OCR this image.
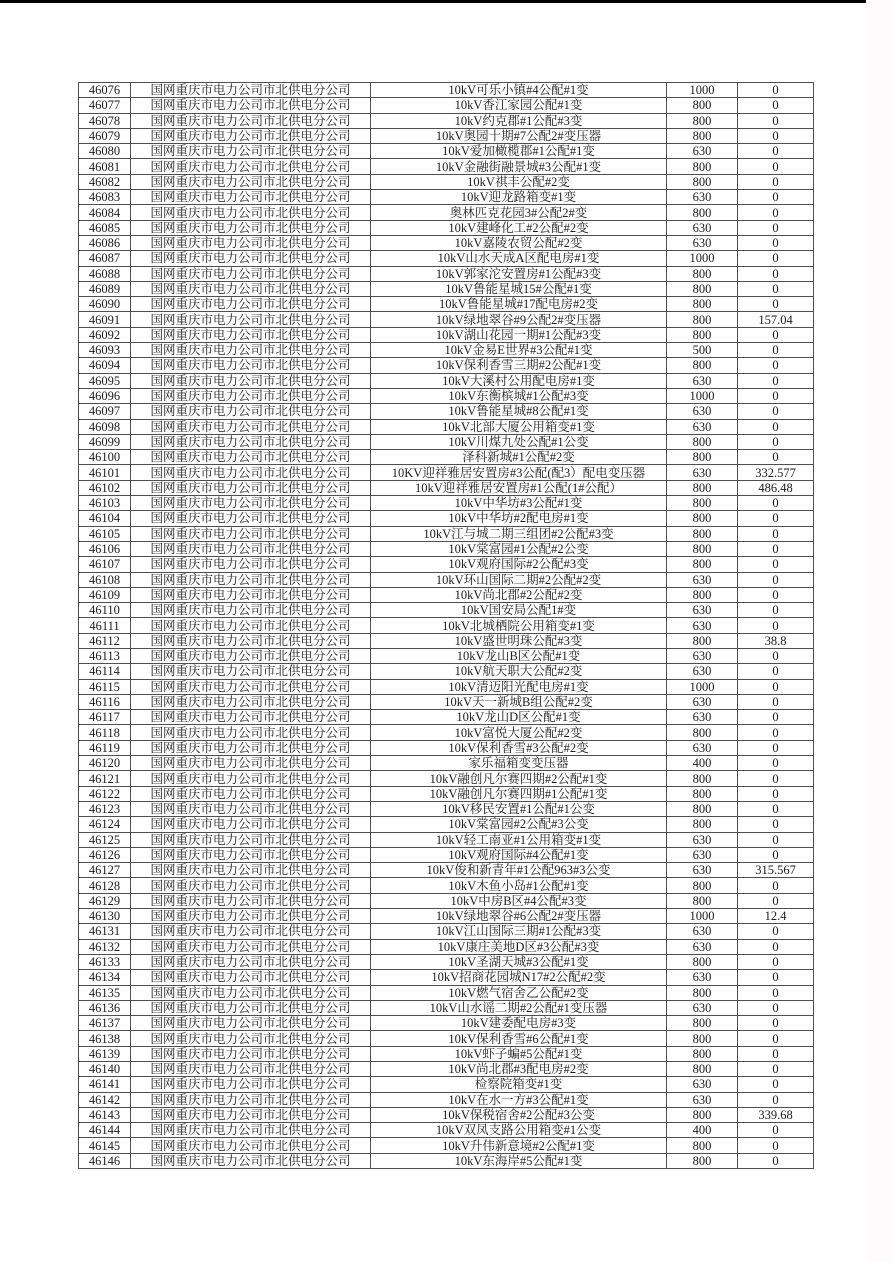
46076	国网重庆市电力公司市北供电分公司	10kV可乐小镇#4公配#1变	1000	0
46077	国网重庆市电力公司市北供电分公司	10kV香江家园公配#1变	800	0
46078	国网重庆市电力公司市北供电分公司	10kV约克郡#1公配#3变	800	0
46079	国网重庆市电力公司市北供电分公司	10kV奥园十期#7公配2#变压器	800	0
46080	国网重庆市电力公司市北供电分公司	10kV爱加橄榄郡#1公配#1变	630	0
46081	国网重庆市电力公司市北供电分公司	10kV金融街融景城#3公配#1变	800	0
46082	国网重庆市电力公司市北供电分公司	10kV祺丰公配#2变	800	0
46083	国网重庆市电力公司市北供电分公司	10kV迎龙路箱变#1变	630	0
46084	国网重庆市电力公司市北供电分公司	奥林匹克花园3#公配2#变	800	0
46085	国网重庆市电力公司市北供电分公司	10kV建峰化工#2公配#2变	630	0
46086	国网重庆市电力公司市北供电分公司	10kV嘉陵农贸公配#2变	630	0
46087	国网重庆市电力公司市北供电分公司	10kV山水天成A区配电房#1变	1000	0
46088	国网重庆市电力公司市北供电分公司	10kV郭家沱安置房#1公配#3变	800	0
46089	国网重庆市电力公司市北供电分公司	10kV鲁能星城15#公配#1变	800	0
46090	国网重庆市电力公司市北供电分公司	10kV鲁能星城#17配电房#2变	800	0
46091	国网重庆市电力公司市北供电分公司	10kV绿地翠谷#9公配2#变压器	800	157.04
46092	国网重庆市电力公司市北供电分公司	10kV湖山花园一期#1公配#3变	800	0
46093	国网重庆市电力公司市北供电分公司	10kV金易E世界#3公配#1变	500	0
46094	国网重庆市电力公司市北供电分公司	10kV保利香雪三期#2公配#1变	800	0
46095	国网重庆市电力公司市北供电分公司	10kV大溪村公用配电房#1变	630	0
46096	国网重庆市电力公司市北供电分公司	10kV东衡槟城#1公配#3变	1000	0
46097	国网重庆市电力公司市北供电分公司	10kV鲁能星城#8公配#1变	630	0
46098	国网重庆市电力公司市北供电分公司	10kV北部大厦公用箱变#1变	630	0
46099	国网重庆市电力公司市北供电分公司	10kV川煤九处公配#1公变	800	0
46100	国网重庆市电力公司市北供电分公司	泽科新城#1公配#2变	800	0
46101	国网重庆市电力公司市北供电分公司	10KV迎祥雅居安置房#3公配(配3）配电变压器	630	332.577
46102	国网重庆市电力公司市北供电分公司	10kV迎祥雅居安置房#1公配(1#公配）	800	486.48
46103	国网重庆市电力公司市北供电分公司	10kV中华坊#3公配#1变	800	0
46104	国网重庆市电力公司市北供电分公司	10kV中华坊#2配电房#1变	800	0
46105	国网重庆市电力公司市北供电分公司	10kV江与城二期三组团#2公配#3变	800	0
46106	国网重庆市电力公司市北供电分公司	10kV棠富园#1公配#2公变	800	0
46107	国网重庆市电力公司市北供电分公司	10kV观府国际#2公配#3变	800	0
46108	国网重庆市电力公司市北供电分公司	10kV环山国际二期#2公配#2变	630	0
46109	国网重庆市电力公司市北供电分公司	10kV尚北郡#2公配#2变	800	0
46110	国网重庆市电力公司市北供电分公司	10kV国安局公配1#变	630	0
46111	国网重庆市电力公司市北供电分公司	10kV北城栖院公用箱变#1变	630	0
46112	国网重庆市电力公司市北供电分公司	10kV盛世明珠公配#3变	800	38.8
46113	国网重庆市电力公司市北供电分公司	10kV龙山B区公配#1变	630	0
46114	国网重庆市电力公司市北供电分公司	10kV航天职大公配#2变	630	0
46115	国网重庆市电力公司市北供电分公司	10kV清迈阳光配电房#1变	1000	0
46116	国网重庆市电力公司市北供电分公司	10kV天一新城B组公配#2变	630	0
46117	国网重庆市电力公司市北供电分公司	10kV龙山D区公配#1变	630	0
46118	国网重庆市电力公司市北供电分公司	10kV富悦大厦公配#2变	800	0
46119	国网重庆市电力公司市北供电分公司	10kV保利香雪#3公配#2变	630	0
46120	国网重庆市电力公司市北供电分公司	家乐福箱变变压器	400	0
46121	国网重庆市电力公司市北供电分公司	10kV融创凡尔赛四期#2公配#1变	800	0
46122	国网重庆市电力公司市北供电分公司	10kV融创凡尔赛四期#1公配#1变	800	0
46123	国网重庆市电力公司市北供电分公司	10kV移民安置#1公配#1公变	800	0
46124	国网重庆市电力公司市北供电分公司	10kV棠富园#2公配#3公变	800	0
46125	国网重庆市电力公司市北供电分公司	10kV轻工南亚#1公用箱变#1变	630	0
46126	国网重庆市电力公司市北供电分公司	10kV观府国际#4公配#1变	630	0
46127	国网重庆市电力公司市北供电分公司	10kV俊和新青年#1公配963#3公变	630	315.567
46128	国网重庆市电力公司市北供电分公司	10kV木鱼小岛#1公配#1变	800	0
46129	国网重庆市电力公司市北供电分公司	10kV中房B区#4公配#3变	800	0
46130	国网重庆市电力公司市北供电分公司	10kV绿地翠谷#6公配2#变压器	1000	12.4
46131	国网重庆市电力公司市北供电分公司	10kV江山国际三期#1公配#3变	630	0
46132	国网重庆市电力公司市北供电分公司	10kV康庄美地D区#3公配#3变	630	0
46133	国网重庆市电力公司市北供电分公司	10kV圣湖天城#3公配#1变	800	0
46134	国网重庆市电力公司市北供电分公司	10kV招商花园城N17#2公配#2变	630	0
46135	国网重庆市电力公司市北供电分公司	10kV燃气宿舍乙公配#2变	800	0
46136	国网重庆市电力公司市北供电分公司	10kV山水谣二期#2公配#1变压器	630	0
46137	国网重庆市电力公司市北供电分公司	10kV建委配电房#3变	800	0
46138	国网重庆市电力公司市北供电分公司	10kV保利香雪#6公配#1变	800	0
46139	国网重庆市电力公司市北供电分公司	10kV虾子蝙#5公配#1变	800	0
46140	国网重庆市电力公司市北供电分公司	10kV尚北郡#3配电房#2变	800	0
46141	国网重庆市电力公司市北供电分公司	检察院箱变#1变	630	0
46142	国网重庆市电力公司市北供电分公司	10kV在水一方#3公配#1变	630	0
46143	国网重庆市电力公司市北供电分公司	10kV保税宿舍#2公配#3公变	800	339.68
46144	国网重庆市电力公司市北供电分公司	10kV双凤支路公用箱变#1公变	400	0
46145	国网重庆市电力公司市北供电分公司	10kV升伟新意境#2公配#1变	800	0
46146	国网重庆市电力公司市北供电分公司	10kV东海岸#5公配#1变	800	0
